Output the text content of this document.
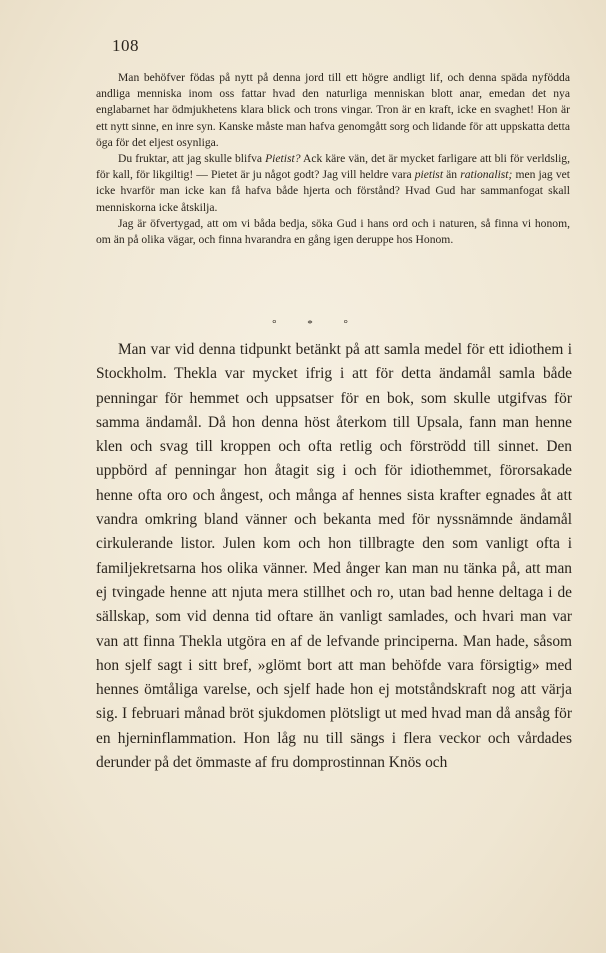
108

Man behöfver födas på nytt på denna jord till ett högre andligt lif, och denna späda nyfödda andliga menniska inom oss fattar hvad den naturliga menniskan blott anar, emedan det nya englabarnet har ödmjukhetens klara blick och trons vingar. Tron är en kraft, icke en svaghet! Hon är ett nytt sinne, en inre syn. Kanske måste man hafva genomgått sorg och lidande för att uppskatta detta öga för det eljest osynliga.

Du fruktar, att jag skulle blifva Pietist? Ack käre vän, det är mycket farligare att bli för verldslig, för kall, för likgiltig! — Pietet är ju något godt? Jag vill heldre vara pietist än rationalist; men jag vet icke hvarför man icke kan få hafva både hjerta och förstånd? Hvad Gud har sammanfogat skall menniskorna icke åtskilja.

Jag är öfvertygad, att om vi båda bedja, söka Gud i hans ord och i naturen, så finna vi honom, om än på olika vägar, och finna hvarandra en gång igen deruppe hos Honom.

° * °

Man var vid denna tidpunkt betänkt på att samla medel för ett idiothem i Stockholm. Thekla var mycket ifrig i att för detta ändamål samla både penningar för hemmet och uppsatser för en bok, som skulle utgifvas för samma ändamål. Då hon denna höst återkom till Upsala, fann man henne klen och svag till kroppen och ofta retlig och förströdd till sinnet. Den uppbörd af penningar hon åtagit sig i och för idiothemmet, förorsakade henne ofta oro och ångest, och många af hennes sista krafter egnades åt att vandra omkring bland vänner och bekanta med för nyssnämnde ändamål cirkulerande listor. Julen kom och hon tillbragte den som vanligt ofta i familjekretsarna hos olika vänner. Med ånger kan man nu tänka på, att man ej tvingade henne att njuta mera stillhet och ro, utan bad henne deltaga i de sällskap, som vid denna tid oftare än vanligt samlades, och hvari man var van att finna Thekla utgöra en af de lefvande principerna. Man hade, såsom hon sjelf sagt i sitt bref, »glömt bort att man behöfde vara försigtig» med hennes ömtåliga varelse, och sjelf hade hon ej motståndskraft nog att värja sig. I februari månad bröt sjukdomen plötsligt ut med hvad man då ansåg för en hjerninflammation. Hon låg nu till sängs i flera veckor och vårdades derunder på det ömmaste af fru domprostinnan Knös och
